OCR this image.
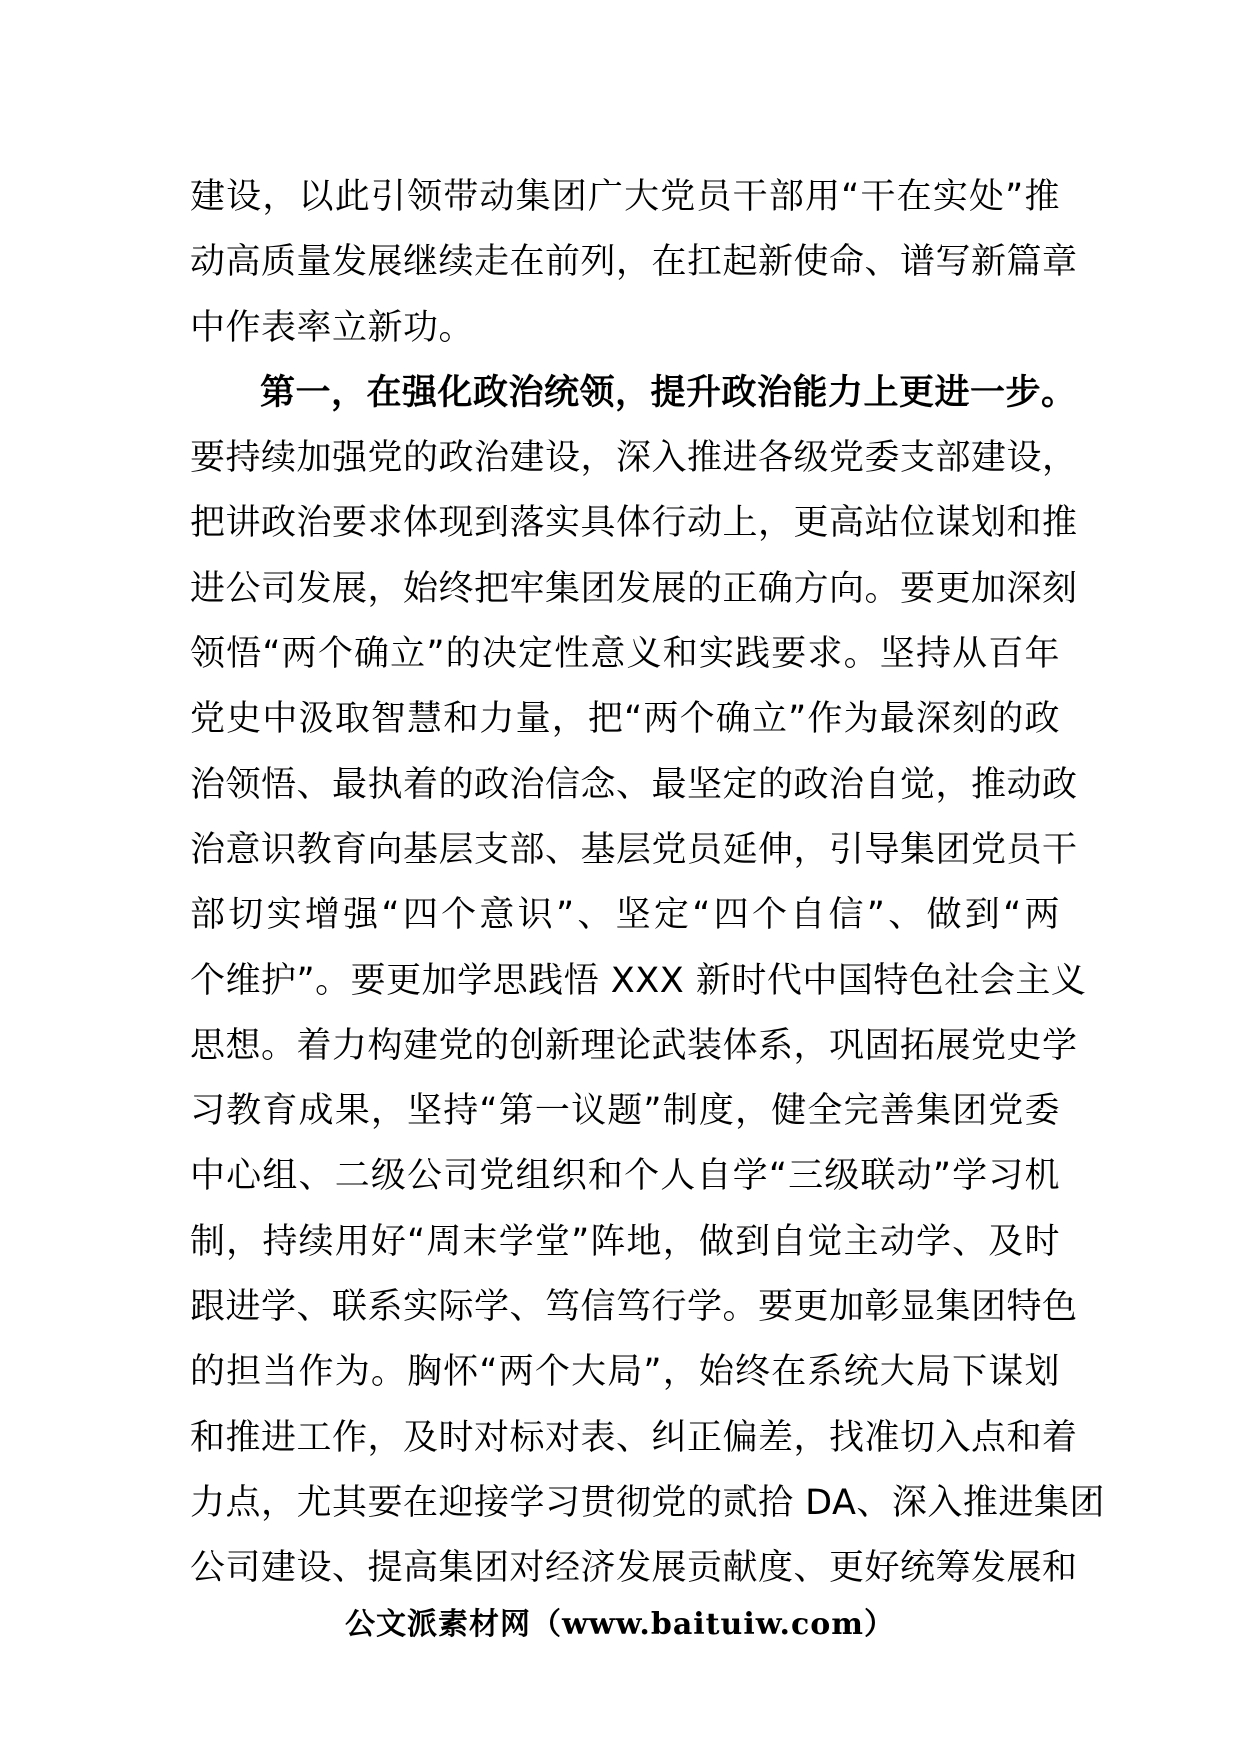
建设，以此引领带动集团广大党员干部用“干在实处”推
动高质量发展继续走在前列，在扛起新使命、谱写新篇章
中作表率立新功。
第一，在强化政治统领，提升政治能力上更进一步。
要持续加强党的政治建设，深入推进各级党委支部建设，
把讲政治要求体现到落实具体行动上，更高站位谋划和推
进公司发展，始终把牢集团发展的正确方向。要更加深刻
领悟“两个确立”的决定性意义和实践要求。坚持从百年
党史中汲取智慧和力量，把“两个确立”作为最深刻的政
治领悟、最执着的政治信念、最坚定的政治自觉，推动政
治意识教育向基层支部、基层党员延伸，引导集团党员干
部切实增强“四个意识”、坚定“四个自信”、做到“两
个维护”。要更加学思践悟 XXX 新时代中国特色社会主义
思想。着力构建党的创新理论武装体系，巩固拓展党史学
习教育成果，坚持“第一议题”制度，健全完善集团党委
中心组、二级公司党组织和个人自学“三级联动”学习机
制，持续用好“周末学堂”阵地，做到自觉主动学、及时
跟进学、联系实际学、笃信笃行学。要更加彰显集团特色
的担当作为。胸怀“两个大局”，始终在系统大局下谋划
和推进工作，及时对标对表、纠正偏差，找准切入点和着
力点，尤其要在迎接学习贯彻党的贰拾 DA、深入推进集团
公司建设、提高集团对经济发展贡献度、更好统筹发展和
公文派素材网（www.baituiw.com）
